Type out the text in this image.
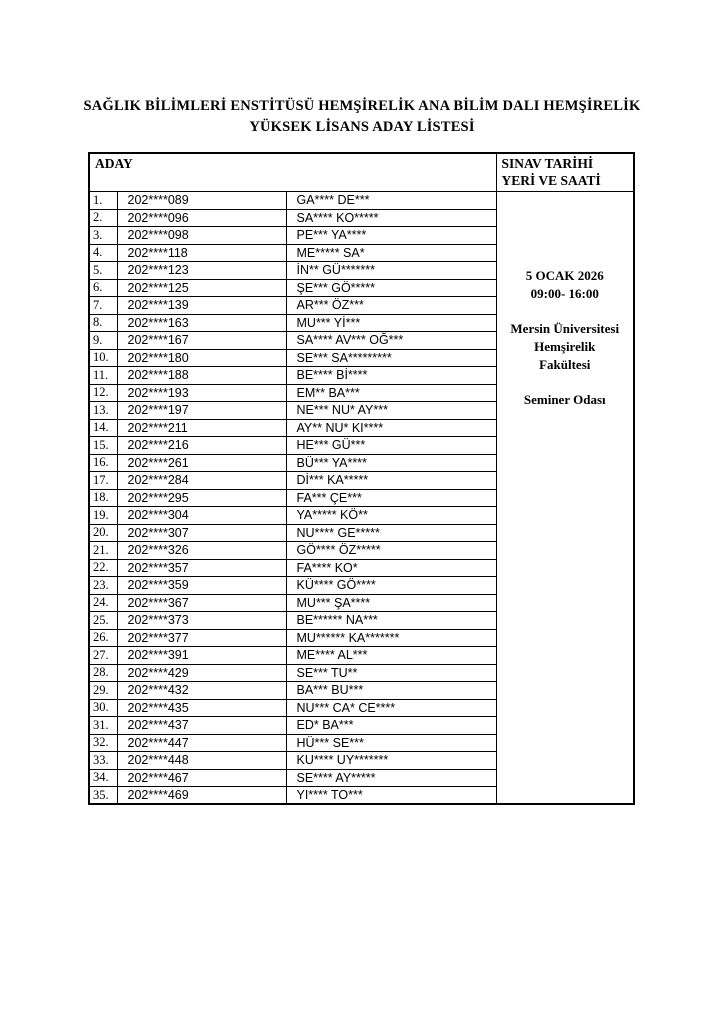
SAĞLIK BİLİMLERİ ENSTİTÜSÜ HEMŞİRELİK ANA BİLİM DALI HEMŞİRELİK
YÜKSEK LİSANS ADAY LİSTESİ
ADAY			SINAV TARİHİ
YERİ VE SAATİ

1.	202****089	GA**** DE***	
5 OCAK 2026
09:00- 16:00
Mersin Üniversitesi
Hemşirelik
Fakültesi
Seminer Odası

2.	202****096	SA**** KO*****	
3.	202****098	PE*** YA****	
4.	202****118	ME***** SA*	
5.	202****123	İN** GÜ*******	
6.	202****125	ŞE*** GÖ*****	
7.	202****139	AR*** ÖZ***	
8.	202****163	MU*** Yİ***	
9.	202****167	SA**** AV*** OĞ***	
10.	202****180	SE*** SA*********	
11.	202****188	BE**** Bİ****	
12.	202****193	EM** BA***	
13.	202****197	NE*** NU* AY***	
14.	202****211	AY** NU* KI****	
15.	202****216	HE*** GÜ***	
16.	202****261	BÜ*** YA****	
17.	202****284	Dİ*** KA*****	
18.	202****295	FA*** ÇE***	
19.	202****304	YA***** KÖ**	
20.	202****307	NU**** GE*****	
21.	202****326	GÖ**** ÖZ*****	
22.	202****357	FA**** KO*	
23.	202****359	KÜ**** GÖ****	
24.	202****367	MU*** ŞA****	
25.	202****373	BE****** NA***	
26.	202****377	MU****** KA*******	
27.	202****391	ME**** AL***	
28.	202****429	SE*** TU**	
29.	202****432	BA*** BU***	
30.	202****435	NU*** CA* CE****	
31.	202****437	ED* BA***	
32.	202****447	HÜ*** SE***	
33.	202****448	KU**** UY*******	
34.	202****467	SE**** AY*****	
35.	202****469	YI**** TO***	
